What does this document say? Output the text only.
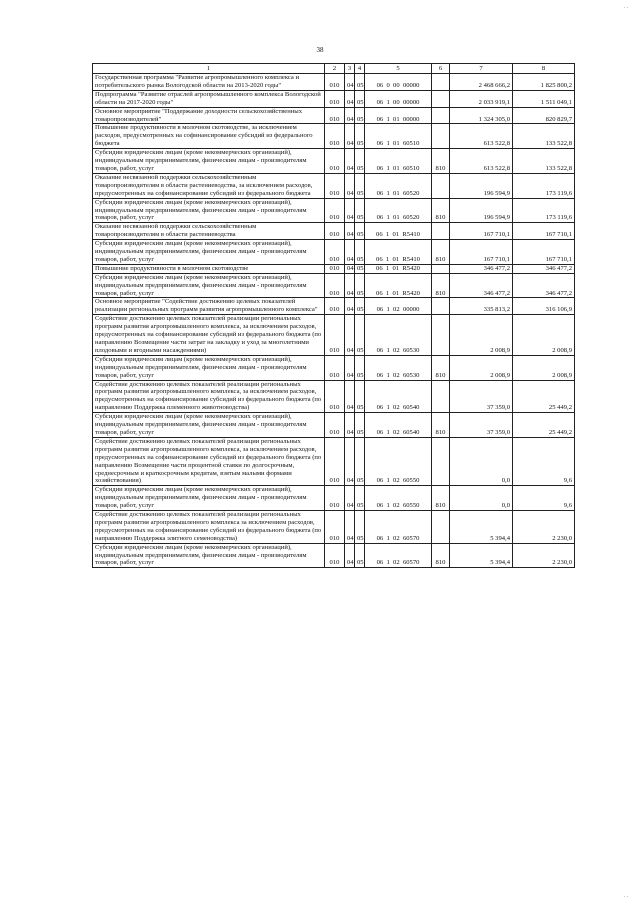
. .
38
1	2	3	4	5	6	7	8
Государственная программа "Развитие агропромышленного комплекса и потребительского рынка Вологодской области на 2013-2020 годы"	010	04	05	06  0  00  00000		2 468 666,2	1 825 800,2
Подпрограмма "Развитие отраслей агропромышленного комплекса Вологодской области на 2017-2020 годы"	010	04	05	06  1  00  00000		2 033 919,1	1 511 049,1
Основное мероприятие "Поддержание доходности сельскохозяйственных товаропроизводителей"	010	04	05	06  1  01  00000		1 324 305,0	820 829,7
Повышение продуктивности в молочном скотоводстве, за исключением расходов, предусмотренных на софинансирование субсидий из федерального бюджета	010	04	05	06  1  01  60510		613 522,8	133 522,8
Субсидии юридическим лицам (кроме некоммерческих организаций), индивидуальным предпринимателям, физическим лицам - производителям товаров, работ, услуг	010	04	05	06  1  01  60510	810	613 522,8	133 522,8
Оказание несвязанной поддержки сельскохозяйственным товаропроизводителям в области растениеводства, за исключением расходов, предусмотренных на софинансирование субсидий из федерального бюджета	010	04	05	06  1  01  60520		196 594,9	173 119,6
Субсидии юридическим лицам (кроме некоммерческих организаций), индивидуальным предпринимателям, физическим лицам - производителям товаров, работ, услуг	010	04	05	06  1  01  60520	810	196 594,9	173 119,6
Оказание несвязанной поддержки сельскохозяйственным товаропроизводителям в области растениеводства	010	04	05	06  1  01  R5410		167 710,1	167 710,1
Субсидии юридическим лицам (кроме некоммерческих организаций), индивидуальным предпринимателям, физическим лицам - производителям товаров, работ, услуг	010	04	05	06  1  01  R5410	810	167 710,1	167 710,1
Повышение продуктивности в молочном скотоводстве	010	04	05	06  1  01  R5420		346 477,2	346 477,2
Субсидии юридическим лицам (кроме некоммерческих организаций), индивидуальным предпринимателям, физическим лицам - производителям товаров, работ, услуг	010	04	05	06  1  01  R5420	810	346 477,2	346 477,2
Основное мероприятие "Содействие достижению целевых показателей реализации региональных программ развития агропромышленного комплекса"	010	04	05	06  1  02  00000		335 813,2	316 106,9
Содействие достижению целевых показателей реализации региональных программ развития агропромышленного комплекса, за исключением расходов, предусмотренных на софинансирование субсидий из федерального бюджета (по направлению Возмещение части затрат на закладку и уход за многолетними плодовыми и ягодными насаждениями)	010	04	05	06  1  02  60530		2 008,9	2 008,9
Субсидии юридическим лицам (кроме некоммерческих организаций), индивидуальным предпринимателям, физическим лицам - производителям товаров, работ, услуг	010	04	05	06  1  02  60530	810	2 008,9	2 008,9
Содействие достижению целевых показателей реализации региональных программ развития агропромышленного комплекса, за исключением расходов, предусмотренных на софинансирование субсидий из федерального бюджета (по направлению Поддержка племенного животноводства)	010	04	05	06  1  02  60540		37 359,0	25 449,2
Субсидии юридическим лицам (кроме некоммерческих организаций), индивидуальным предпринимателям, физическим лицам - производителям товаров, работ, услуг	010	04	05	06  1  02  60540	810	37 359,0	25 449,2
Содействие достижению целевых показателей реализации региональных программ развития агропромышленного комплекса, за исключением расходов, предусмотренных на софинансирование субсидий из федерального бюджета (по направлению Возмещение части процентной ставки по долгосрочным, среднесрочным и краткосрочным кредитам, взятым малыми формами хозяйствования)	010	04	05	06  1  02  60550		0,0	9,6
Субсидии юридическим лицам (кроме некоммерческих организаций), индивидуальным предпринимателям, физическим лицам - производителям товаров, работ, услуг	010	04	05	06  1  02  60550	810	0,0	9,6
Содействие достижению целевых показателей реализации региональных программ развития агропромышленного комплекса за исключением расходов, предусмотренных на софинансирование субсидий из федерального бюджета (по направлению Поддержка элитного семеноводства)	010	04	05	06  1  02  60570		5 394,4	2 230,0
Субсидии юридическим лицам (кроме некоммерческих организаций), индивидуальным предпринимателям, физическим лицам - производителям товаров, работ, услуг	010	04	05	06  1  02  60570	810	5 394,4	2 230,0
. .
